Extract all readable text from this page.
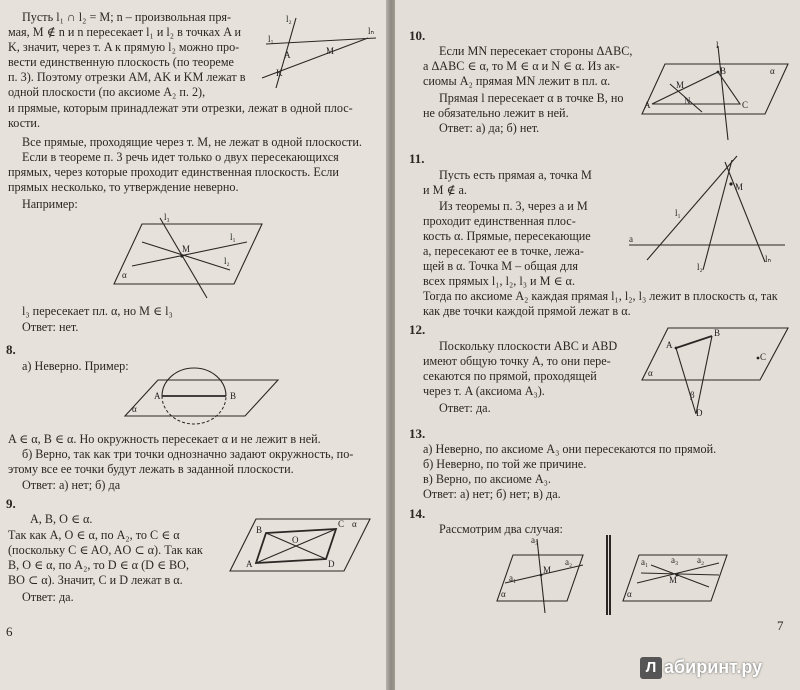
Пусть l₁ ∩ l₂ = M; n – произвольная пря-
мая, M ∉ n и n пересекает l₁ и l₂ в точках A и
K, значит, через т. A к прямую l₂ можно про-
вести единственную плоскость (по теореме
п. 3). Поэтому отрезки AM, AK и KM лежат в
одной плоскости (по аксиоме A₂ п. 2),
и прямые, которым принадлежат эти отрезки, лежат в одной плос-
кости.
Все прямые, проходящие через т. M, не лежат в одной плоскости.
Если в теореме п. 3 речь идет только о двух пересекающихся
прямых, через которые проходит единственная плоскость. Если
прямых несколько, то утверждение неверно.
Например:
l₁
l₂
A	M
lₙ
K
l₃
l₁
l₂
M
α
l₃ пересекает пл. α, но M ∈ l₃
Ответ: нет.
8.
а) Неверно. Пример:
A	B
α
A ∈ α, B ∈ α. Но окружность пересекает α и не лежит в ней.
б) Верно, так как три точки однозначно задают окружность, по-
этому все ее точки будут лежать в заданной плоскости.
Ответ: а) нет; б) да
9.
A, B, O ∈ α.
Так как A, O ∈ α, по A₂, то C ∈ α
(поскольку C ∈ AO, AO ⊂ α). Так как
B, O ∈ α, по A₂, то D ∈ α (D ∈ BO,
BO ⊂ α). Значит, C и D лежат в α.
Ответ: да.
B
C
D
A
O
α
6
10.
Если MN пересекает стороны ΔABC,
a ΔABC ∈ α, то M ∈ α и N ∈ α. Из ак-
сиомы A₂ прямая MN лежит в пл. α.
Прямая l пересекает α в точке B, но
не обязательно лежит в ней.
Ответ: а) да; б) нет.
l
B
M
N
A	C
α
11.
Пусть есть прямая a, точка M
и M ∉ a.
Из теоремы п. 3, через a и M
проходит единственная плос-
кость α. Прямые, пересекающие
a, пересекают ее в точке, лежа-
щей в α. Точка M – общая для
всех прямых l₁, l₂, l₃ и M ∈ α.
Тогда по аксиоме A₂ каждая прямая l₁, l₂, l₃ лежит в плоскость α, так
как две точки каждой прямой лежат в α.
M
l₁
l₂
lₙ
a
12.
Поскольку плоскости ABC и ABD
имеют общую точку A, то они пере-
секаются по прямой, проходящей
через т. A (аксиома A₃).
Ответ: да.
A
B
C
D
β
α
13.
а) Неверно, по аксиоме A₃ они пересекаются по прямой.
б) Неверно, по той же причине.
в) Верно, по аксиоме A₃.
Ответ: а) нет; б) нет; в) да.
14.
Рассмотрим два случая:
a₃
a₁
a₂
M
α
a₁	a₃ a₂
M
α
7
Л абиринт.ру
